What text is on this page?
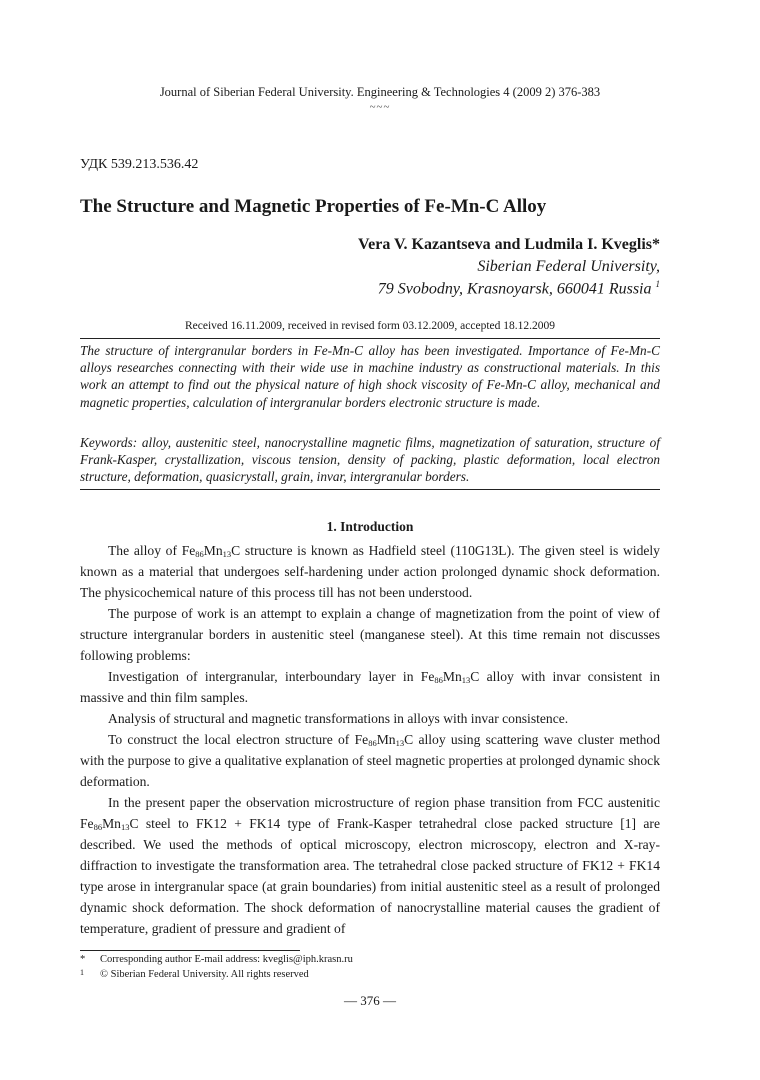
Journal of Siberian Federal University. Engineering & Technologies 4 (2009 2) 376-383
~~~
УДК 539.213.536.42
The Structure and Magnetic Properties of Fe-Mn-C Alloy
Vera V. Kazantseva and Ludmila I. Kveglis*
Siberian Federal University,
79 Svobodny, Krasnoyarsk, 660041 Russia $^1$
Received 16.11.2009, received in revised form 03.12.2009, accepted 18.12.2009
The structure of intergranular borders in Fe-Mn-C alloy has been investigated. Importance of Fe-Mn-C alloys researches connecting with their wide use in machine industry as constructional materials. In this work an attempt to find out the physical nature of high shock viscosity of Fe-Mn-C alloy, mechanical and magnetic properties, calculation of intergranular borders electronic structure is made.
Keywords: alloy, austenitic steel, nanocrystalline magnetic films, magnetization of saturation, structure of Frank-Kasper, crystallization, viscous tension, density of packing, plastic deformation, local electron structure, deformation, quasicrystall, grain, invar, intergranular borders.
1. Introduction

The alloy of $Fe_{86}Mn_{13}C$ structure is known as Hadfield steel (110G13L). The given steel is widely known as a material that undergoes self-hardening under action prolonged dynamic shock deformation. The physicochemical nature of this process till has not been understood.

The purpose of work is an attempt to explain a change of magnetization from the point of view of structure intergranular borders in austenitic steel (manganese steel). At this time remain not discusses following problems:

Investigation of intergranular, interboundary layer in $Fe_{86}Mn_{13}C$ alloy with invar consistent in massive and thin film samples.

Analysis of structural and magnetic transformations in alloys with invar consistence.

To construct the local electron structure of $Fe_{86}Mn_{13}C$ alloy using scattering wave cluster method with the purpose to give a qualitative explanation of steel magnetic properties at prolonged dynamic shock deformation.

In the present paper the observation microstructure of region phase transition from FCC austenitic $Fe_{86}Mn_{13}C$ steel to FK12 + FK14 type of Frank-Kasper tetrahedral close packed structure [1] are described. We used the methods of optical microscopy, electron microscopy, electron and X-ray-diffraction to investigate the transformation area. The tetrahedral close packed structure of FK12 + FK14 type arose in intergranular space (at grain boundaries) from initial austenitic steel as a result of prolonged dynamic shock deformation. The shock deformation of nanocrystalline material causes the gradient of temperature, gradient of pressure and gradient of

* Corresponding author E-mail address: kveglis@iph.krasn.ru
1 © Siberian Federal University. All rights reserved
— 376 —
